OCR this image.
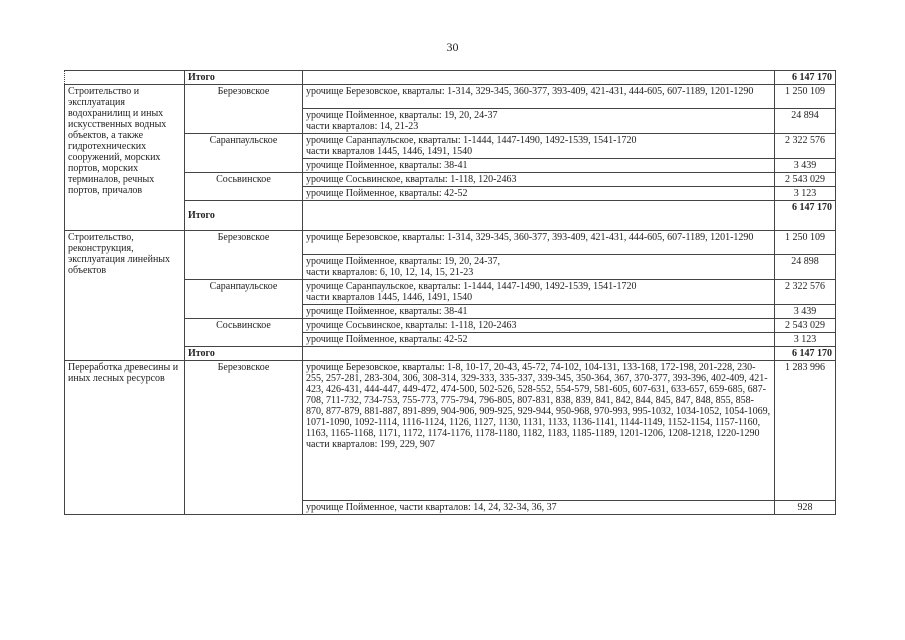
30
	Итого		6 147 170
Строительство и эксплуатация водохранилищ и иных искусственных водных объектов, а также гидротехнических сооружений, морских портов, морских терминалов, речных портов, причалов	Березовское	урочище Березовское, кварталы: 1-314, 329-345, 360-377, 393-409, 421-431, 444-605, 607-1189, 1201-1290	1 250 109

		урочище Пойменное, кварталы: 19, 20, 24-37
части кварталов: 14, 21-23	24 894
	Саранпаульское	урочище Саранпаульское, кварталы: 1-1444, 1447-1490, 1492-1539, 1541-1720
части кварталов 1445, 1446, 1491, 1540	2 322 576

		урочище Пойменное, кварталы: 38-41	3 439
	Сосьвинское	урочище Сосьвинское, кварталы: 1-118, 120-2463	2 543 029

		урочище Пойменное, кварталы: 42-52	3 123
	Итого		6 147 170
Строительство, реконструкция, эксплуатация линейных объектов	Березовское	урочище Березовское, кварталы: 1-314, 329-345, 360-377, 393-409, 421-431, 444-605, 607-1189, 1201-1290	1 250 109

		урочище Пойменное, кварталы: 19, 20, 24-37,
части кварталов: 6, 10, 12, 14, 15, 21-23	24 898
	Саранпаульское	урочище Саранпаульское, кварталы: 1-1444, 1447-1490, 1492-1539, 1541-1720
части кварталов 1445, 1446, 1491, 1540	2 322 576

		урочище Пойменное, кварталы: 38-41	3 439
	Сосьвинское	урочище Сосьвинское, кварталы: 1-118, 120-2463	2 543 029

		урочище Пойменное, кварталы: 42-52	3 123
	Итого		6 147 170
Переработка древесины и иных лесных ресурсов	Березовское	урочище Березовское, кварталы: 1-8, 10-17, 20-43, 45-72, 74-102, 104-131, 133-168, 172-198, 201-228, 230-255, 257-281, 283-304, 306, 308-314, 329-333, 335-337, 339-345, 350-364, 367, 370-377, 393-396, 402-409, 421-423, 426-431, 444-447, 449-472, 474-500, 502-526, 528-552, 554-579, 581-605, 607-631, 633-657, 659-685, 687-708, 711-732, 734-753, 755-773, 775-794, 796-805, 807-831, 838, 839, 841, 842, 844, 845, 847, 848, 855, 858-870, 877-879, 881-887, 891-899, 904-906, 909-925, 929-944, 950-968, 970-993, 995-1032, 1034-1052, 1054-1069, 1071-1090, 1092-1114, 1116-1124, 1126, 1127, 1130, 1131, 1133, 1136-1141, 1144-1149, 1152-1154, 1157-1160, 1163, 1165-1168, 1171, 1172, 1174-1176, 1178-1180, 1182, 1183, 1185-1189, 1201-1206, 1208-1218, 1220-1290
части кварталов: 199, 229, 907	1 283 996

		урочище Пойменное, части кварталов: 14, 24, 32-34, 36, 37	928
